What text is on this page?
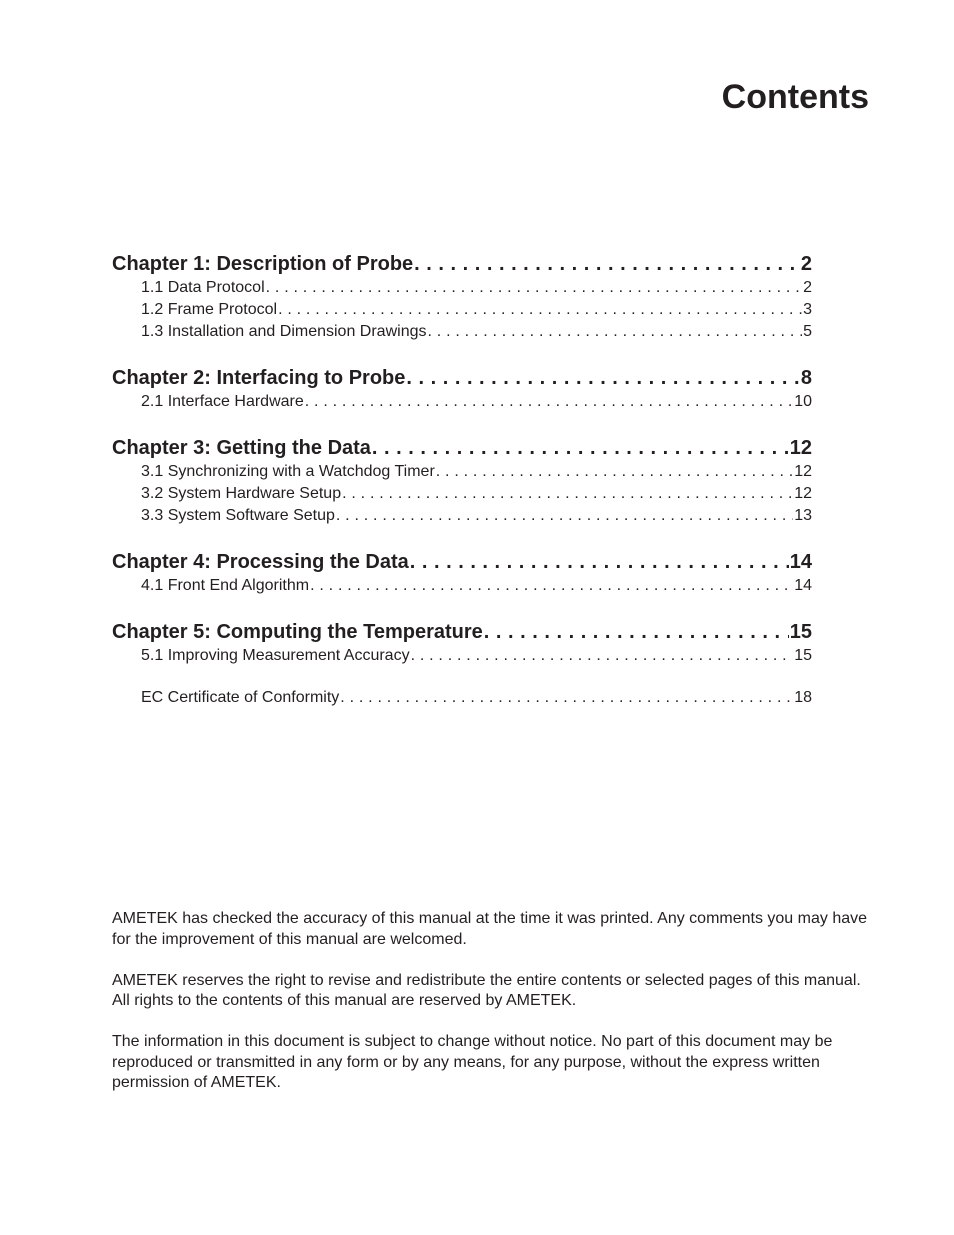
Contents
Chapter 1: Description of Probe . . .	2
1.1 Data Protocol . . .	2
1.2 Frame Protocol . . .	3
1.3 Installation and Dimension Drawings . . .	5
Chapter 2: Interfacing to Probe . . .	8
2.1 Interface Hardware . . .	10
Chapter 3: Getting the Data . . .	12
3.1 Synchronizing with a Watchdog Timer . . .	12
3.2 System Hardware Setup . . .	12
3.3 System Software Setup . . .	13
Chapter 4: Processing the Data . . .	14
4.1 Front End Algorithm . . .	14
Chapter 5: Computing the Temperature . . .	15
5.1 Improving Measurement Accuracy . . .	15
EC Certificate of Conformity . . .	18

AMETEK has checked the accuracy of this manual at the time it was printed. Any comments you may have for the improvement of this manual are welcomed.

AMETEK reserves the right to revise and redistribute the entire contents or selected pages of this manual. All rights to the contents of this manual are reserved by AMETEK.

The information in this document is subject to change without notice. No part of this document may be reproduced or transmitted in any form or by any means, for any purpose, without the express written permission of AMETEK.
